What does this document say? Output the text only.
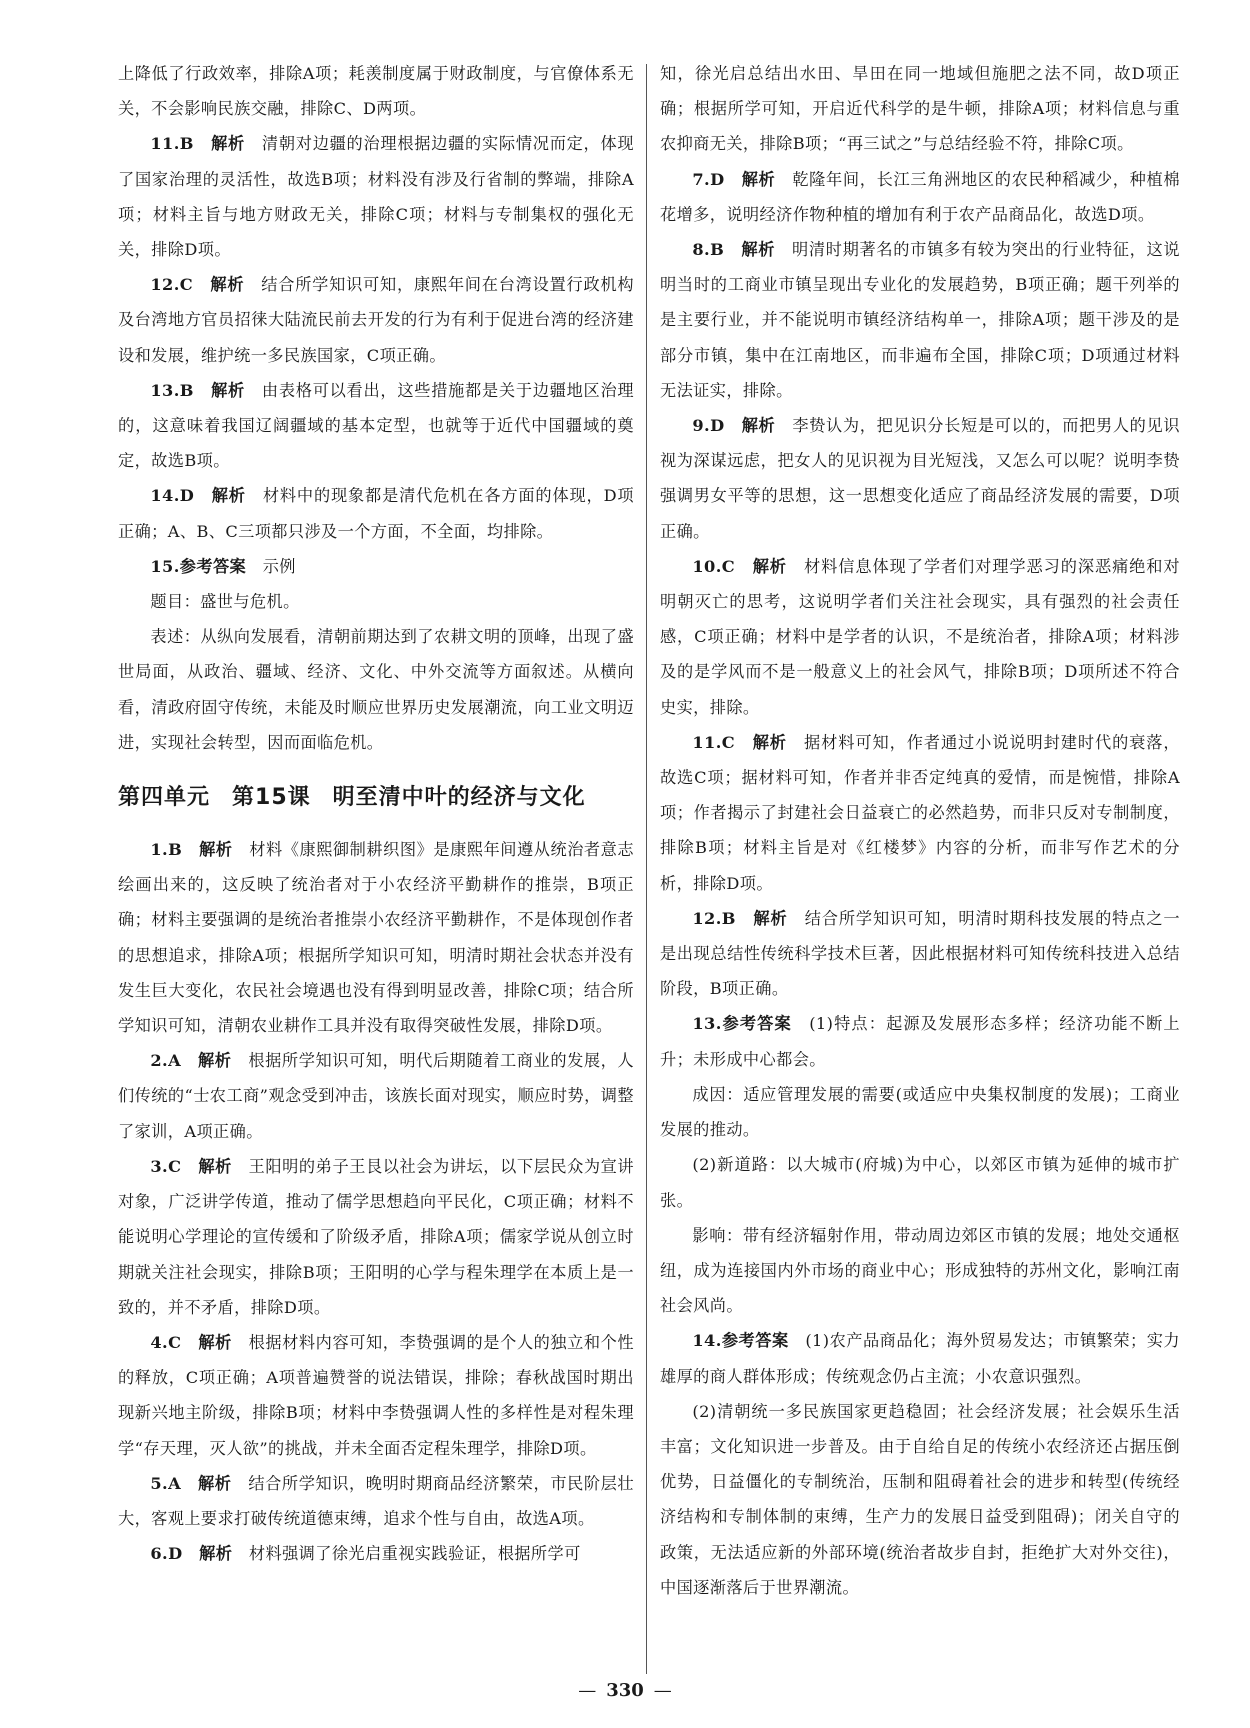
上降低了行政效率，排除A项；耗羡制度属于财政制度，与官僚体系无关，不会影响民族交融，排除C、D两项。

11.B　 解析　 清朝对边疆的治理根据边疆的实际情况而定，体现了国家治理的灵活性，故选B项；材料没有涉及行省制的弊端，排除A项；材料主旨与地方财政无关，排除C项；材料与专制集权的强化无关，排除D项。

12.C　 解析　 结合所学知识可知，康熙年间在台湾设置行政机构及台湾地方官员招徕大陆流民前去开发的行为有利于促进台湾的经济建设和发展，维护统一多民族国家，C项正确。

13.B　 解析　 由表格可以看出，这些措施都是关于边疆地区治理的，这意味着我国辽阔疆域的基本定型，也就等于近代中国疆域的奠定，故选B项。

14.D　 解析　 材料中的现象都是清代危机在各方面的体现，D项正确；A、B、C三项都只涉及一个方面，不全面，均排除。

15.参考答案　 示例

题目：盛世与危机。

表述：从纵向发展看，清朝前期达到了农耕文明的顶峰，出现了盛世局面，从政治、疆域、经济、文化、中外交流等方面叙述。从横向看，清政府固守传统，未能及时顺应世界历史发展潮流，向工业文明迈进，实现社会转型，因而面临危机。

第四单元 第15课 明至清中叶的经济与文化

1.B　 解析　 材料《康熙御制耕织图》是康熙年间遵从统治者意志绘画出来的，这反映了统治者对于小农经济平勤耕作的推崇，B项正确；材料主要强调的是统治者推崇小农经济平勤耕作，不是体现创作者的思想追求，排除A项；根据所学知识可知，明清时期社会状态并没有发生巨大变化，农民社会境遇也没有得到明显改善，排除C项；结合所学知识可知，清朝农业耕作工具并没有取得突破性发展，排除D项。

2.A　 解析　 根据所学知识可知，明代后期随着工商业的发展，人们传统的“士农工商”观念受到冲击，该族长面对现实，顺应时势，调整了家训，A项正确。

3.C　 解析　 王阳明的弟子王艮以社会为讲坛，以下层民众为宣讲对象，广泛讲学传道，推动了儒学思想趋向平民化，C项正确；材料不能说明心学理论的宣传缓和了阶级矛盾，排除A项；儒家学说从创立时期就关注社会现实，排除B项；王阳明的心学与程朱理学在本质上是一致的，并不矛盾，排除D项。

4.C　 解析　 根据材料内容可知，李贽强调的是个人的独立和个性的释放，C项正确；A项普遍赞誉的说法错误，排除；春秋战国时期出现新兴地主阶级，排除B项；材料中李贽强调人性的多样性是对程朱理学“存天理，灭人欲”的挑战，并未全面否定程朱理学，排除D项。

5.A　 解析　 结合所学知识，晚明时期商品经济繁荣，市民阶层壮大，客观上要求打破传统道德束缚，追求个性与自由，故选A项。

6.D　 解析　 材料强调了徐光启重视实践验证，根据所学可

知，徐光启总结出水田、旱田在同一地域但施肥之法不同，故D项正确；根据所学可知，开启近代科学的是牛顿，排除A项；材料信息与重农抑商无关，排除B项；“再三试之”与总结经验不符，排除C项。

7.D　 解析　 乾隆年间，长江三角洲地区的农民种稻减少，种植棉花增多，说明经济作物种植的增加有利于农产品商品化，故选D项。

8.B　 解析　 明清时期著名的市镇多有较为突出的行业特征，这说明当时的工商业市镇呈现出专业化的发展趋势，B项正确；题干列举的是主要行业，并不能说明市镇经济结构单一，排除A项；题干涉及的是部分市镇，集中在江南地区，而非遍布全国，排除C项；D项通过材料无法证实，排除。

9.D　 解析　 李贽认为，把见识分长短是可以的，而把男人的见识视为深谋远虑，把女人的见识视为目光短浅，又怎么可以呢？说明李贽强调男女平等的思想，这一思想变化适应了商品经济发展的需要，D项正确。

10.C　 解析　 材料信息体现了学者们对理学恶习的深恶痛绝和对明朝灭亡的思考，这说明学者们关注社会现实，具有强烈的社会责任感，C项正确；材料中是学者的认识，不是统治者，排除A项；材料涉及的是学风而不是一般意义上的社会风气，排除B项；D项所述不符合史实，排除。

11.C　 解析　 据材料可知，作者通过小说说明封建时代的衰落，故选C项；据材料可知，作者并非否定纯真的爱情，而是惋惜，排除A项；作者揭示了封建社会日益衰亡的必然趋势，而非只反对专制制度，排除B项；材料主旨是对《红楼梦》内容的分析，而非写作艺术的分析，排除D项。

12.B　 解析　 结合所学知识可知，明清时期科技发展的特点之一是出现总结性传统科学技术巨著，因此根据材料可知传统科技进入总结阶段，B项正确。

13.参考答案　 (1)特点：起源及发展形态多样；经济功能不断上升；未形成中心都会。

成因：适应管理发展的需要(或适应中央集权制度的发展)；工商业发展的推动。

(2)新道路：以大城市(府城)为中心，以郊区市镇为延伸的城市扩张。

影响：带有经济辐射作用，带动周边郊区市镇的发展；地处交通枢纽，成为连接国内外市场的商业中心；形成独特的苏州文化，影响江南社会风尚。

14.参考答案　 (1)农产品商品化；海外贸易发达；市镇繁荣；实力雄厚的商人群体形成；传统观念仍占主流；小农意识强烈。

(2)清朝统一多民族国家更趋稳固；社会经济发展；社会娱乐生活丰富；文化知识进一步普及。由于自给自足的传统小农经济还占据压倒优势，日益僵化的专制统治，压制和阻碍着社会的进步和转型(传统经济结构和专制体制的束缚，生产力的发展日益受到阻碍)；闭关自守的政策，无法适应新的外部环境(统治者故步自封，拒绝扩大对外交往)，中国逐渐落后于世界潮流。

— 330 —
